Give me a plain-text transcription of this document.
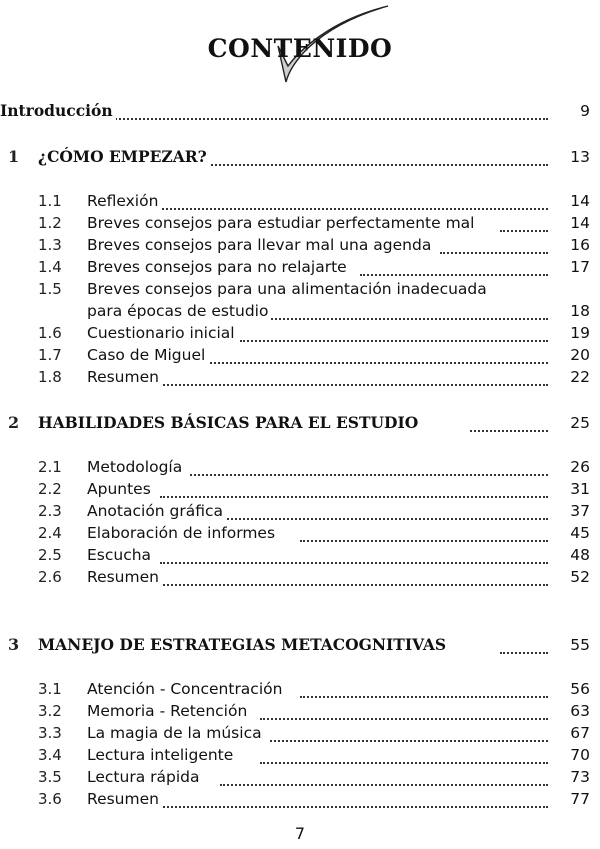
CONTENIDO
Introducción	9
1 ¿CÓMO EMPEZAR?	13
1.1 Reflexión	14
1.2 Breves consejos para estudiar perfectamente mal	14
1.3 Breves consejos para llevar mal una agenda	16
1.4 Breves consejos para no relajarte	17
1.5 Breves consejos para una alimentación inadecuada
para épocas de estudio	18
1.6 Cuestionario inicial	19
1.7 Caso de Miguel	20
1.8 Resumen	22
2 HABILIDADES BÁSICAS PARA EL ESTUDIO	25
2.1 Metodología	26
2.2 Apuntes	31
2.3 Anotación gráfica	37
2.4 Elaboración de informes	45
2.5 Escucha	48
2.6 Resumen	52
3 MANEJO DE ESTRATEGIAS METACOGNITIVAS	55
3.1 Atención - Concentración	56
3.2 Memoria - Retención	63
3.3 La magia de la música	67
3.4 Lectura inteligente	70
3.5 Lectura rápida	73
3.6 Resumen	77
7
